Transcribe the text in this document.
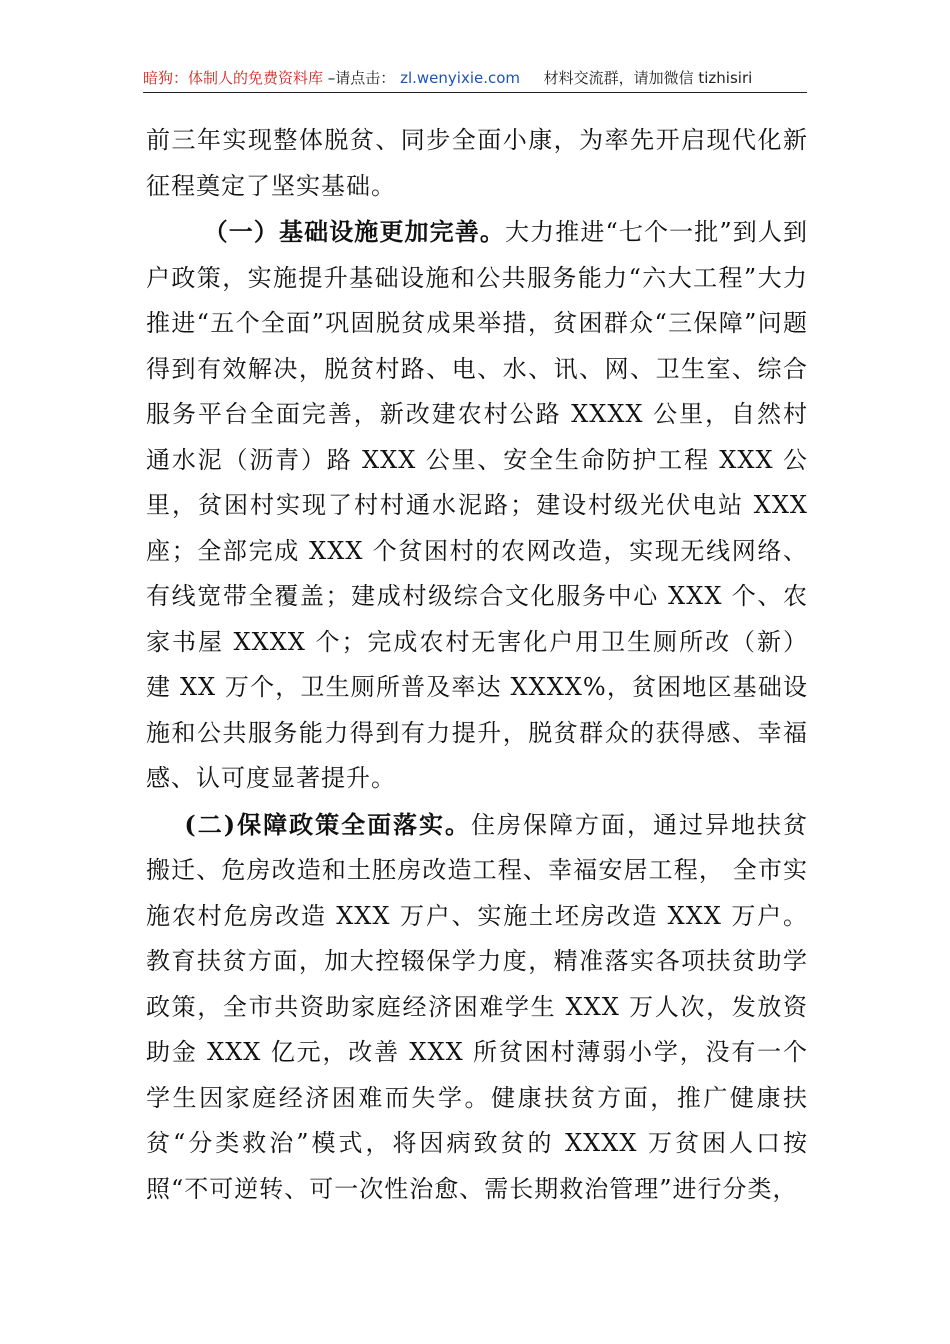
暗狗：体制人的免费资料库 –请点击： zl.wenyixie.com 材料交流群，请加微信 tizhisiri

前三年实现整体脱贫、同步全面小康，为率先开启现代化新征程奠定了坚实基础。

（一）基础设施更加完善。大力推进“七个一批”到人到户政策，实施提升基础设施和公共服务能力“六大工程”大力推进“五个全面”巩固脱贫成果举措，贫困群众“三保障”问题得到有效解决，脱贫村路、电、水、讯、网、卫生室、综合服务平台全面完善，新改建农村公路 XXXX 公里，自然村通水泥（沥青）路 XXX 公里、安全生命防护工程 XXX 公里，贫困村实现了村村通水泥路；建设村级光伏电站 XXX 座；全部完成 XXX 个贫困村的农网改造，实现无线网络、有线宽带全覆盖；建成村级综合文化服务中心 XXX 个、农家书屋 XXXX 个；完成农村无害化户用卫生厕所改（新）建 XX 万个，卫生厕所普及率达 XXXX%，贫困地区基础设施和公共服务能力得到有力提升，脱贫群众的获得感、幸福感、认可度显著提升。

(二)保障政策全面落实。住房保障方面，通过异地扶贫搬迁、危房改造和土胚房改造工程、幸福安居工程， 全市实施农村危房改造 XXX 万户、实施土坯房改造 XXX 万户。教育扶贫方面，加大控辍保学力度，精准落实各项扶贫助学政策，全市共资助家庭经济困难学生 XXX 万人次，发放资助金 XXX 亿元，改善 XXX 所贫困村薄弱小学，没有一个学生因家庭经济困难而失学。健康扶贫方面，推广健康扶贫“分类救治”模式，将因病致贫的 XXXX 万贫困人口按照“不可逆转、可一次性治愈、需长期救治管理”进行分类，
